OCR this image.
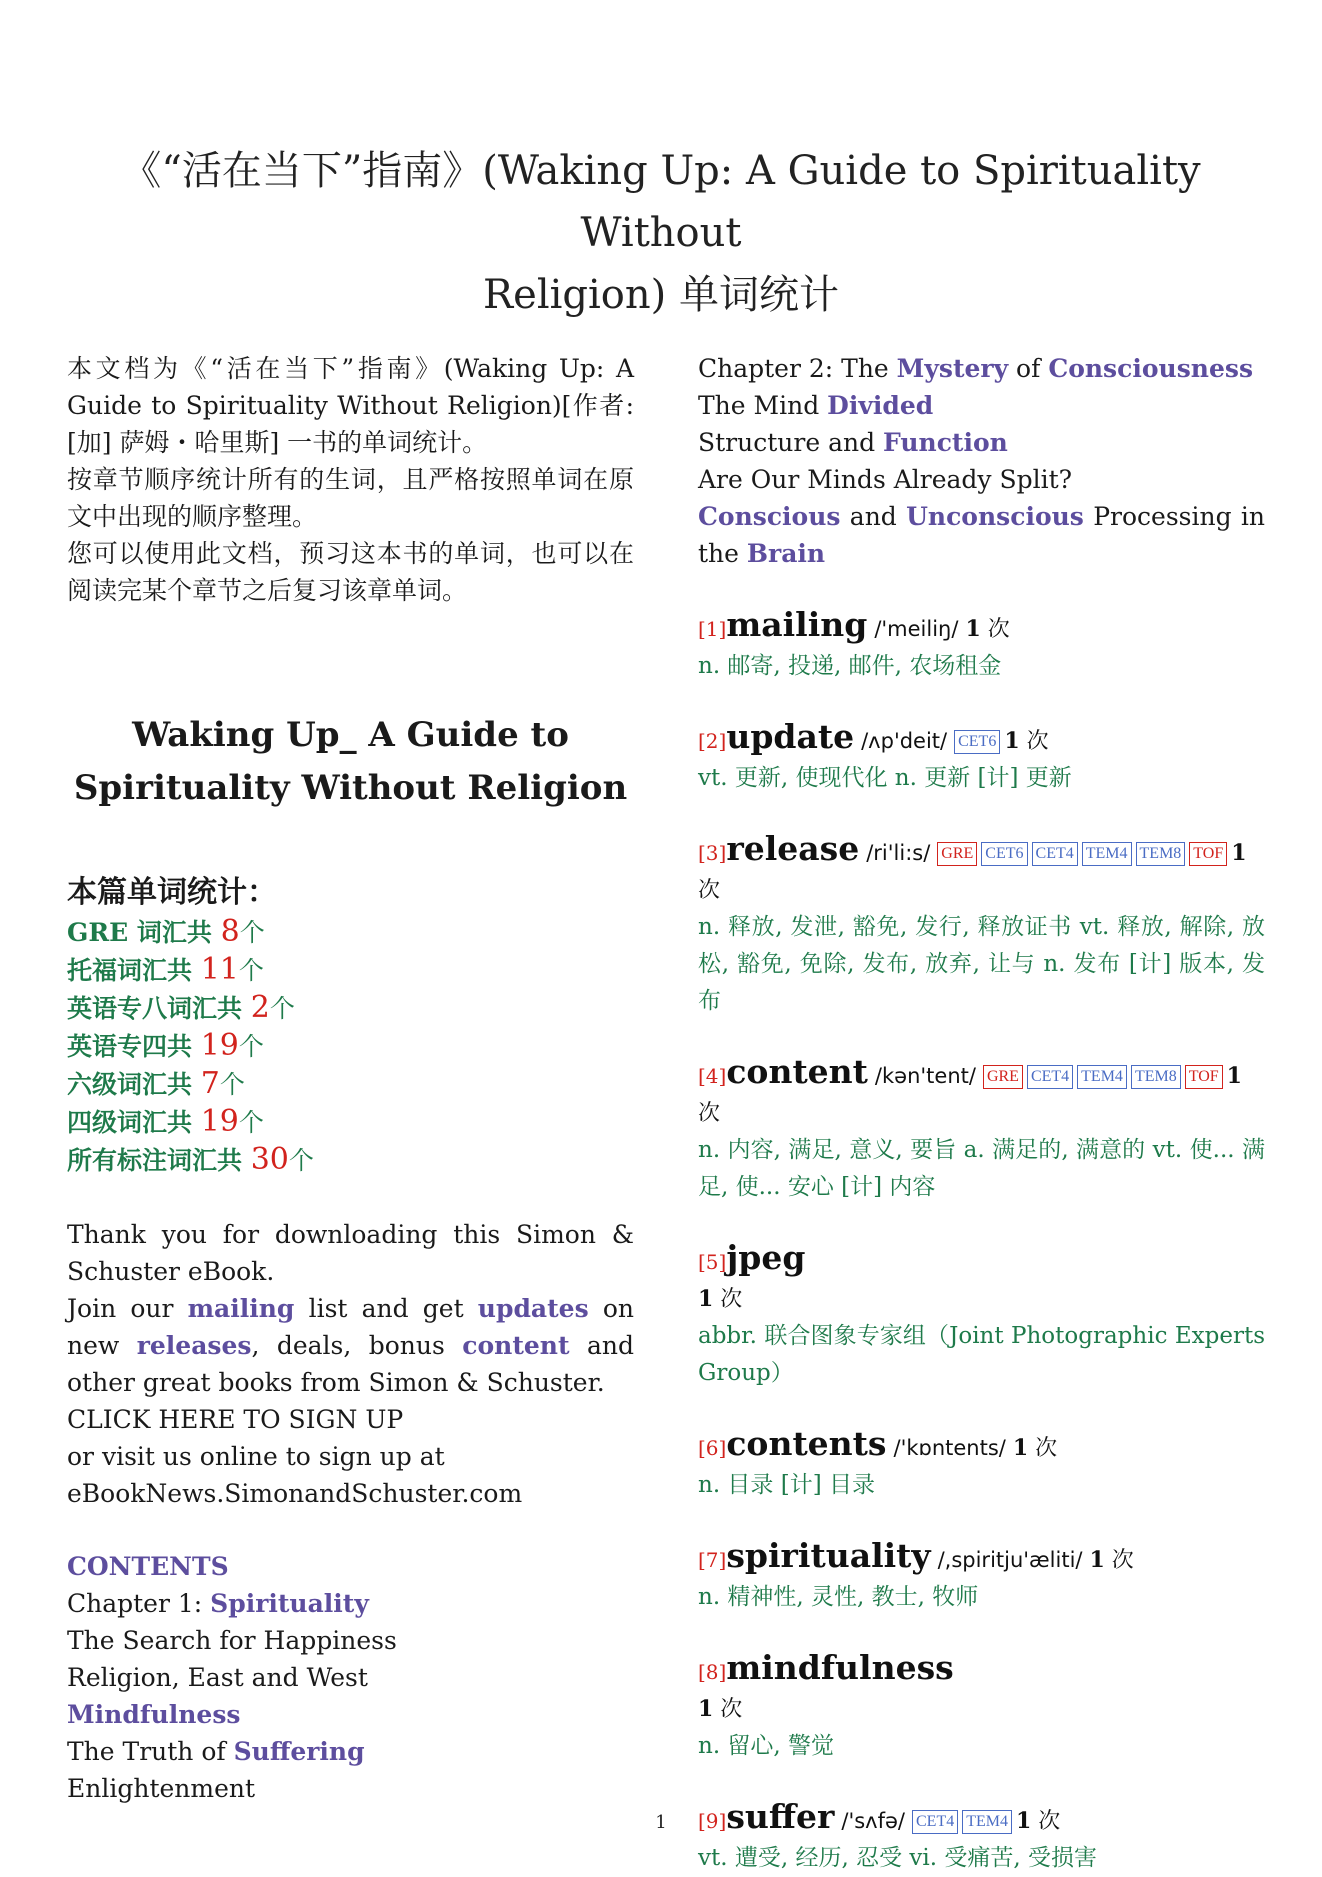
《“活在当下”指南》(Waking Up: A Guide to Spirituality Without
Religion) 单词统计

本文档为《“活在当下”指南》(Waking Up: A Guide to Spirituality Without Religion)[作者: [加] 萨姆・哈里斯] 一书的单词统计。

按章节顺序统计所有的生词，且严格按照单词在原文中出现的顺序整理。

您可以使用此文档，预习这本书的单词，也可以在阅读完某个章节之后复习该章单词。

Waking Up_ A Guide to
Spirituality Without Religion
本篇单词统计：
GRE 词汇共 8个
托福词汇共 11个
英语专八词汇共 2个
英语专四共 19个
六级词汇共 7个
四级词汇共 19个
所有标注词汇共 30个

Thank you for downloading this Simon & Schuster eBook.

Join our mailing list and get updates on new releases, deals, bonus content and other great books from Simon & Schuster.

CLICK HERE TO SIGN UP

or visit us online to sign up at

eBookNews.SimonandSchuster.com

CONTENTS

Chapter 1: Spirituality

The Search for Happiness

Religion, East and West

Mindfulness

The Truth of Suffering

Enlightenment

Chapter 2: The Mystery of Consciousness

The Mind Divided

Structure and Function

Are Our Minds Already Split?

Conscious and Unconscious Processing in the Brain

[1]mailing /'meiliŋ/ 1 次
n. 邮寄, 投递, 邮件, 农场租金
[2]update /ʌp'deit/ CET6 1 次
vt. 更新, 使现代化 n. 更新 [计] 更新
[3]release /ri'li:s/ GRE CET6 CET4 TEM4 TEM8 TOF 1 次
n. 释放, 发泄, 豁免, 发行, 释放证书 vt. 释放, 解除, 放松, 豁免, 免除, 发布, 放弃, 让与 n. 发布 [计] 版本, 发布
[4]content /kən'tent/ GRE CET4 TEM4 TEM8 TOF 1 次
n. 内容, 满足, 意义, 要旨 a. 满足的, 满意的 vt. 使... 满足, 使... 安心 [计] 内容
[5]jpeg
1 次
abbr. 联合图象专家组（Joint Photographic Experts Group）
[6]contents /'kɒntents/ 1 次
n. 目录 [计] 目录
[7]spirituality /,spiritju'æliti/ 1 次
n. 精神性, 灵性, 教士, 牧师
[8]mindfulness
1 次
n. 留心, 警觉
[9]suffer /'sʌfə/ CET4 TEM4 1 次
vt. 遭受, 经历, 忍受 vi. 受痛苦, 受损害
1
